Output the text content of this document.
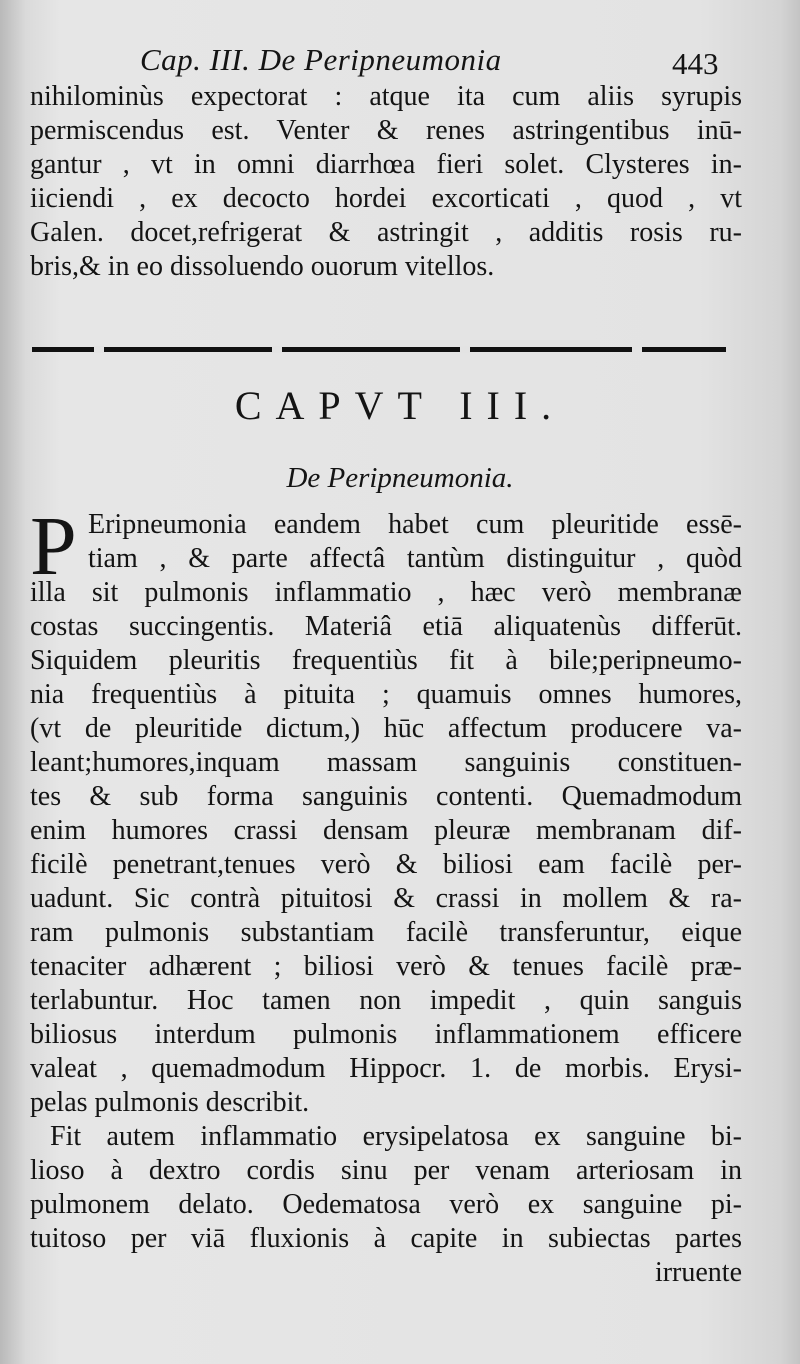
Cap. III. De Peripneumonia	443
nihilominùs expectorat : atque ita cum aliis syrupis
permiscendus est. Venter & renes astringentibus inū-
gantur , vt in omni diarrhœa fieri solet. Clysteres in-
iiciendi , ex decocto hordei excorticati , quod , vt
Galen. docet,refrigerat & astringit , additis rosis ru-
bris,& in eo dissoluendo ouorum vitellos.
CAPVT III.
De Peripneumonia.
P Eripneumonia eandem habet cum pleuritide essē-
tiam , & parte affectâ tantùm distinguitur , quòd
illa sit pulmonis inflammatio , hæc verò membranæ
costas succingentis. Materiâ etiā aliquatenùs differūt.
Siquidem pleuritis frequentiùs fit à bile;peripneumo-
nia frequentiùs à pituita ; quamuis omnes humores,
(vt de pleuritide dictum,) hūc affectum producere va-
leant;humores,inquam massam sanguinis constituen-
tes & sub forma sanguinis contenti. Quemadmodum
enim humores crassi densam pleuræ membranam dif-
ficilè penetrant,tenues verò & biliosi eam facilè per-
uadunt. Sic contrà pituitosi & crassi in mollem & ra-
ram pulmonis substantiam facilè transferuntur, eique
tenaciter adhærent ; biliosi verò & tenues facilè præ-
terlabuntur. Hoc tamen non impedit , quin sanguis
biliosus interdum pulmonis inflammationem efficere
valeat , quemadmodum Hippocr. 1. de morbis. Erysi-
pelas pulmonis describit.
Fit autem inflammatio erysipelatosa ex sanguine bi-
lioso à dextro cordis sinu per venam arteriosam in
pulmonem delato. Oedematosa verò ex sanguine pi-
tuitoso per viā fluxionis à capite in subiectas partes
irruente
